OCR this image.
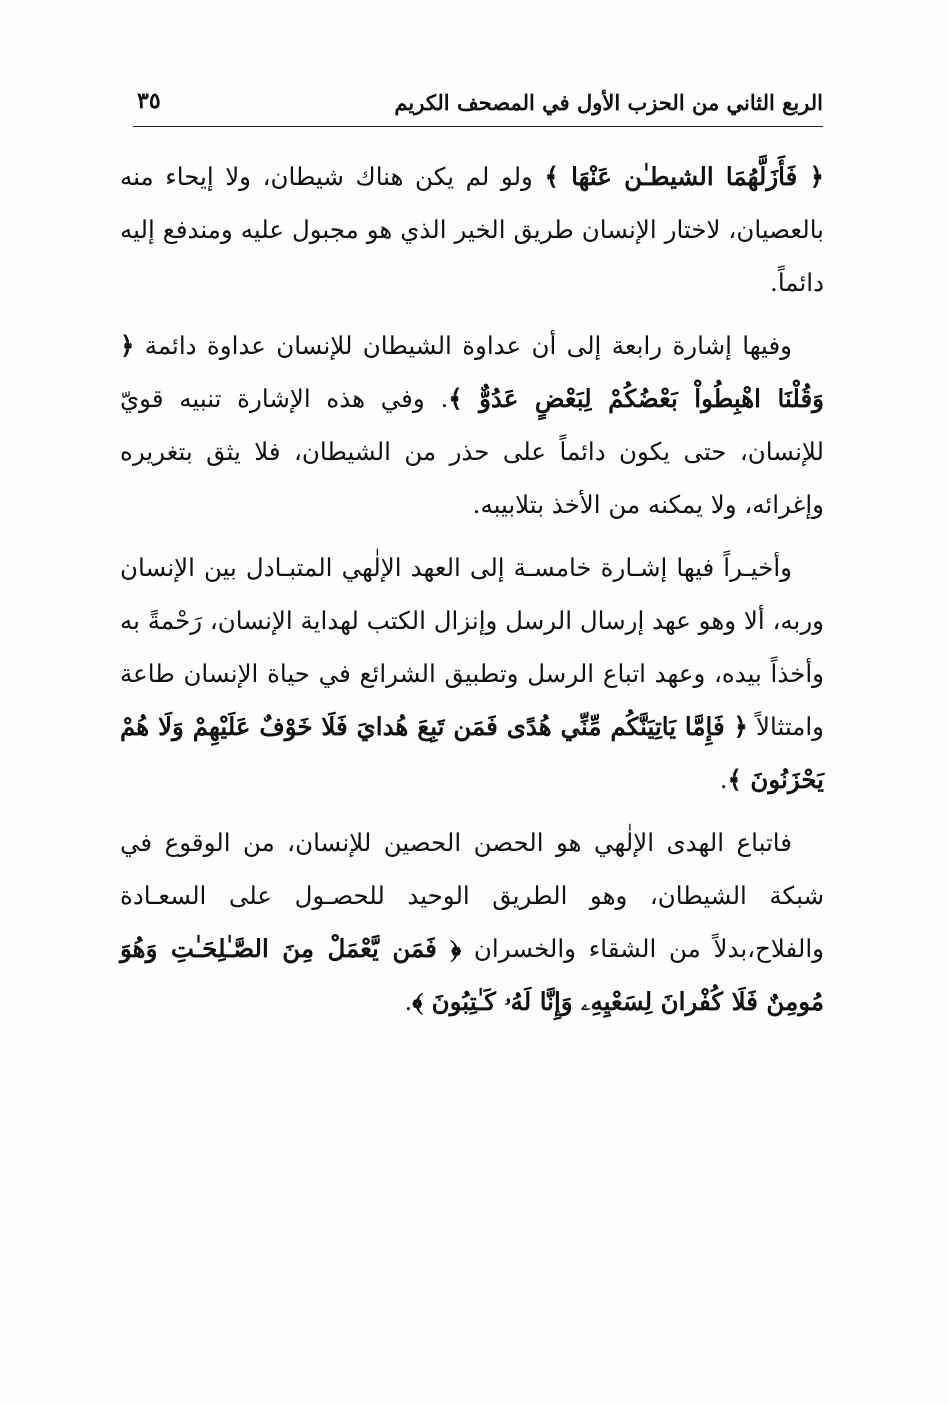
الربع الثاني من الحزب الأول في المصحف الكريم
٣٥

﴿ فَأَزَلَّهُمَا الشيطـٰن عَنْهَا ﴾ ولو لم يكن هناك شيطان، ولا إيحاء منه بالعصيان، لاختار الإنسان طريق الخير الذي هو مجبول عليه ومندفع إليه دائماً.

وفيها إشارة رابعة إلى أن عداوة الشيطان للإنسان عداوة دائمة ﴿ وَقُلْنَا اهْبِطُواْ بَعْضُكُمْ لِبَعْضٍ عَدُوٌّ ﴾. وفي هذه الإشارة تنبيه قويّ للإنسان، حتى يكون دائماً على حذر من الشيطان، فلا يثق بتغريره وإغرائه، ولا يمكنه من الأخذ بتلابيبه.

وأخيـراً فيها إشـارة خامسـة إلى العهد الإلٰهي المتبـادل بين الإنسان وربه، ألا وهو عهد إرسال الرسل وإنزال الكتب لهداية الإنسان، رَحْمةً به وأخذاً بيده، وعهد اتباع الرسل وتطبيق الشرائع في حياة الإنسان طاعة وامتثالاً ﴿ فَإِمَّا يَاتِيَنَّكُم مِّنِّي هُدًى فَمَن تَبِعَ هُدايَ فَلَا خَوْفٌ عَلَيْهِمْ وَلَا هُمْ يَحْزَنُونَ ﴾.

فاتباع الهدى الإلٰهي هو الحصن الحصين للإنسان، من الوقوع في شبكة الشيطان، وهو الطريق الوحيد للحصـول على السعـادة والفلاح،بدلاً من الشقاء والخسران ﴿ فَمَن يَّعْمَلْ مِنَ الصَّـٰلِحَـٰتِ وَهُوَ مُومِنٌ فَلَا كُفْرانَ لِسَعْيِهِۦ وَإِنَّا لَهُۥ كَـٰتِبُونَ ﴾.
